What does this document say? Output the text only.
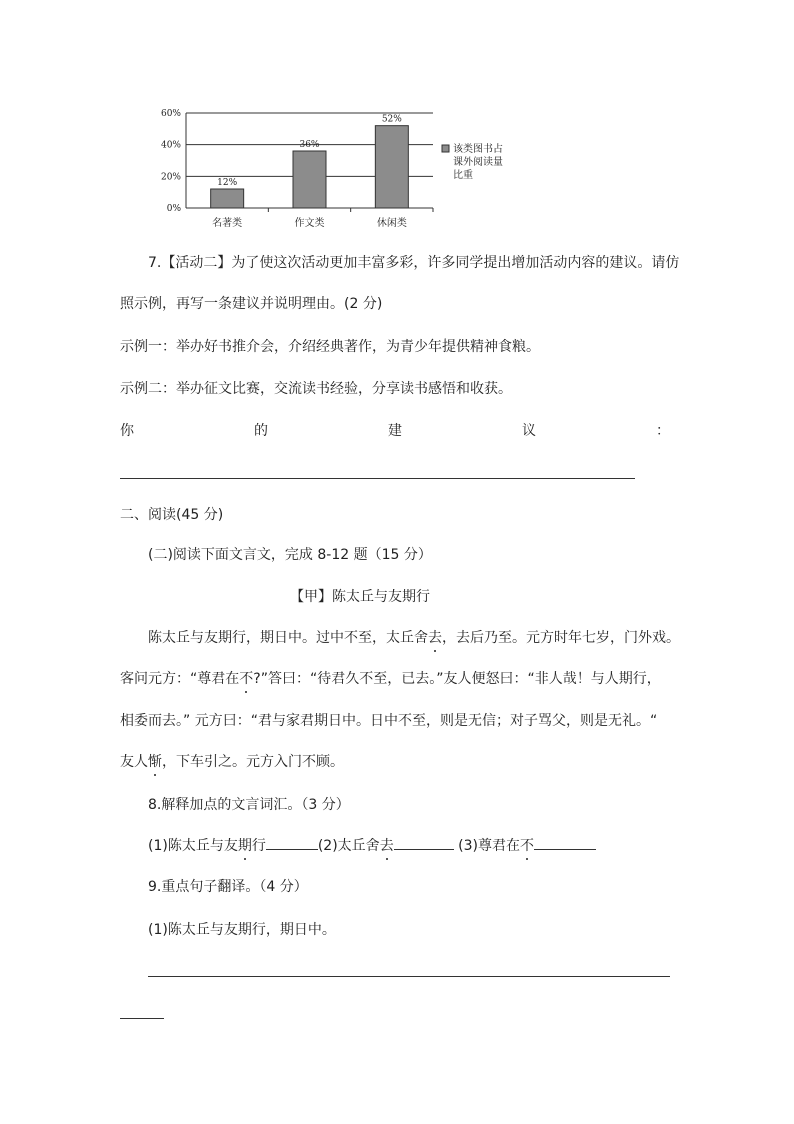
0%
20%
40%
60%
12%
名著类
36%
作文类
52%
休闲类
该类图书占
课外阅读量
比重
7.【活动二】为了使这次活动更加丰富多彩，许多同学提出增加活动内容的建议。请仿
照示例，再写一条建议并说明理由。(2 分)
示例一：举办好书推介会，介绍经典著作，为青少年提供精神食粮。
示例二：举办征文比赛，交流读书经验，分享读书感悟和收获。
你	的	建	议	：
二、阅读(45 分)
(二)阅读下面文言文，完成 8-12 题（15 分）
【甲】陈太丘与友期行
陈太丘与友期行，期日中。过中不至，太丘舍去，去后乃至。元方时年七岁，门外戏。
客问元方：“尊君在不?”答曰：“待君久不至，已去。”友人便怒曰：“非人哉！与人期行，
相委而去。” 元方曰：“君与家君期日中。日中不至，则是无信；对子骂父，则是无礼。“
友人惭，下车引之。元方入门不顾。
8.解释加点的文言词汇。（3 分）
(1)陈太丘与友期行	(2)太丘舍去	(3)尊君在不
9.重点句子翻译。（4 分）
(1)陈太丘与友期行，期日中。
